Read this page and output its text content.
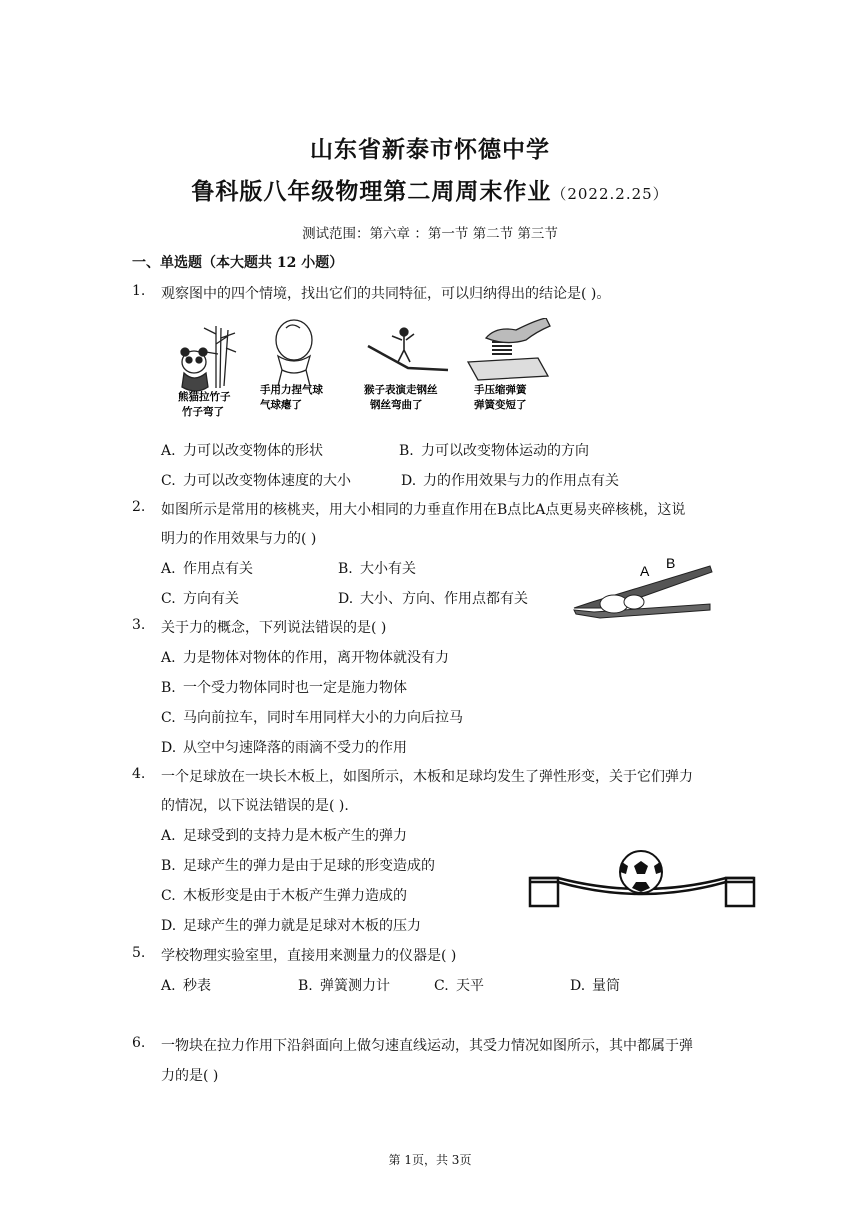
山东省新泰市怀德中学
鲁科版八年级物理第二周周末作业（2022.2.25）
测试范围：第六章 ：第一节 第二节 第三节
一、单选题（本大题共 12 小题）
1. 观察图中的四个情境，找出它们的共同特征，可以归纳得出的结论是( )。
熊猫拉竹子
竹子弯了
手用力捏气球
气球瘪了
猴子表演走钢丝
钢丝弯曲了
手压缩弹簧
弹簧变短了
A. 力可以改变物体的形状	B. 力可以改变物体运动的方向
C. 力可以改变物体速度的大小	D. 力的作用效果与力的作用点有关
2. 如图所示是常用的核桃夹，用大小相同的力垂直作用在B点比A点更易夹碎核桃，这说
明力的作用效果与力的( )
A. 作用点有关	B. 大小有关
C. 方向有关	D. 大小、方向、作用点都有关
A B
3. 关于力的概念，下列说法错误的是( )
A. 力是物体对物体的作用，离开物体就没有力
B. 一个受力物体同时也一定是施力物体
C. 马向前拉车，同时车用同样大小的力向后拉马
D. 从空中匀速降落的雨滴不受力的作用
4. 一个足球放在一块长木板上，如图所示，木板和足球均发生了弹性形变，关于它们弹力
的情况，以下说法错误的是( ).
A. 足球受到的支持力是木板产生的弹力
B. 足球产生的弹力是由于足球的形变造成的
C. 木板形变是由于木板产生弹力造成的
D. 足球产生的弹力就是足球对木板的压力
5. 学校物理实验室里，直接用来测量力的仪器是( )
A. 秒表	B. 弹簧测力计	C. 天平	D. 量筒
6. 一物块在拉力作用下沿斜面向上做匀速直线运动，其受力情况如图所示，其中都属于弹
力的是( )
第 1页，共 3页
